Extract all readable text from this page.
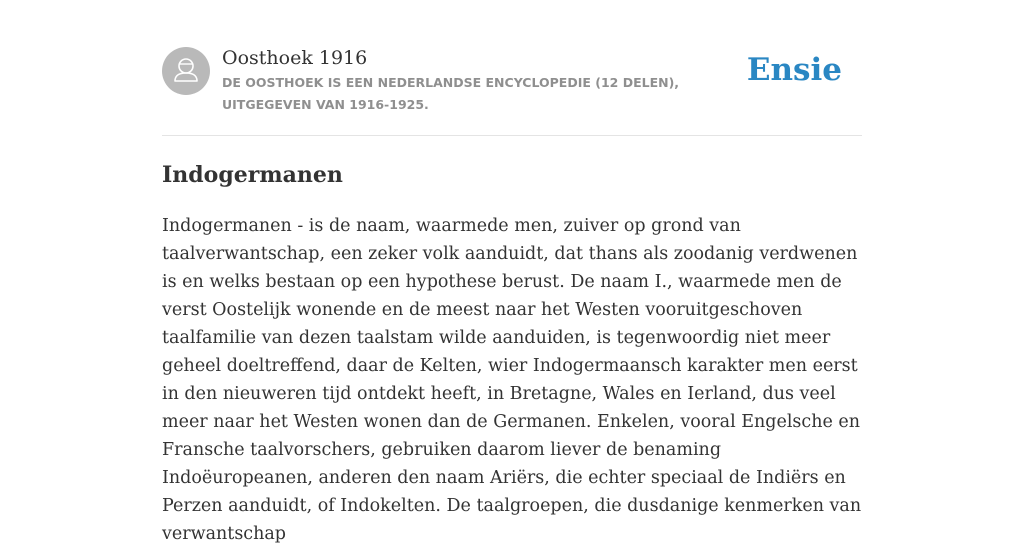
Oosthoek 1916
DE OOSTHOEK IS EEN NEDERLANDSE ENCYCLOPEDIE (12 DELEN), UITGEGEVEN VAN 1916-1925.
Ensie
Indogermanen

Indogermanen - is de naam, waarmede men, zuiver op grond van taalverwantschap, een zeker volk aanduidt, dat thans als zoodanig verdwenen is en welks bestaan op een hypothese berust. De naam I., waarmede men de verst Oostelijk wonende en de meest naar het Westen vooruitgeschoven taalfamilie van dezen taalstam wilde aanduiden, is tegenwoordig niet meer geheel doeltreffend, daar de Kelten, wier Indogermaansch karakter men eerst in den nieuweren tijd ontdekt heeft, in Bretagne, Wales en Ierland, dus veel meer naar het Westen wonen dan de Germanen. Enkelen, vooral Engelsche en Fransche taalvorschers, gebruiken daarom liever de benaming Indoëuropeanen, anderen den naam Ariërs, die echter speciaal de Indiërs en Perzen aanduidt, of Indokelten. De taalgroepen, die dusdanige kenmerken van verwantschap
